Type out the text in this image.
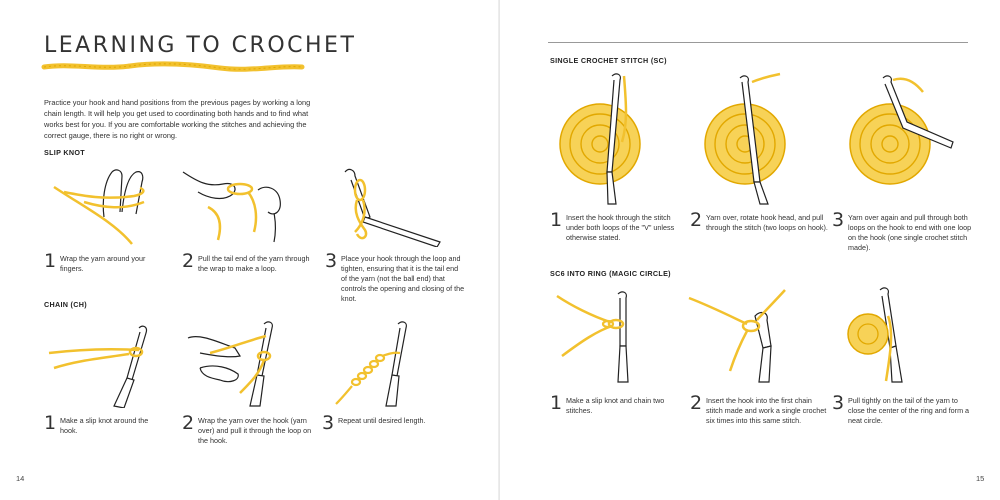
LEARNING TO CROCHET

Practice your hook and hand positions from the previous pages by working a long chain length. It will help you get used to coordinating both hands and to find what works best for you. If you are comfortable working the stitches and achieving the correct gauge, there is no right or wrong.

SLIP KNOT
1 Wrap the yarn around your fingers.	2 Pull the tail end of the yarn through the wrap to make a loop.	3 Place your hook through the loop and tighten, ensuring that it is the tail end of the yarn (not the ball end) that controls the opening and closing of the knot.
CHAIN (CH)
1 Make a slip knot around the hook.	2 Wrap the yarn over the hook (yarn over) and pull it through the loop on the hook.
3 Repeat until desired length.
14
SINGLE CROCHET STITCH (SC)
1 Insert the hook through the stitch under both loops of the "V" unless otherwise stated.
2 Yarn over, rotate hook head, and pull through the stitch (two loops on hook). 3 Yarn over again and pull through both loops on the hook to end with one loop on the hook (one single crochet stitch made).
SC6 INTO RING (MAGIC CIRCLE)
1 Make a slip knot and chain two stitches.	2 Insert the hook into the first chain stitch made and work a single crochet six times into this same stitch.
3 Pull tightly on the tail of the yarn to close the center of the ring and form a neat circle.
15
